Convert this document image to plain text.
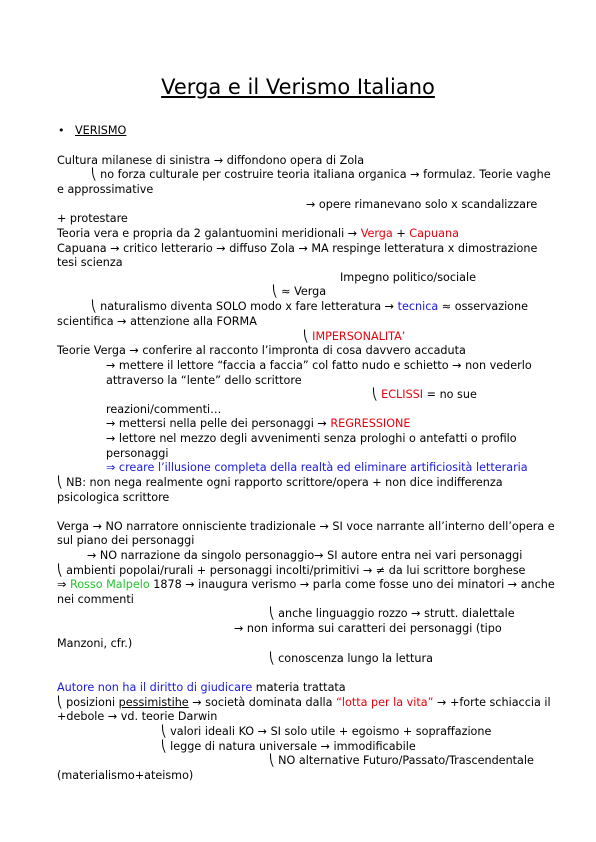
Verga e il Verismo Italiano
• VERISMO
Cultura milanese di sinistra → diffondono opera di Zola
⎝ no forza culturale per costruire teoria italiana organica → formulaz. Teorie vaghe
e approssimative
→ opere rimanevano solo x scandalizzare
+ protestare
Teoria vera e propria da 2 galantuomini meridionali → Verga + Capuana
Capuana → critico letterario → diffuso Zola → MA respinge letteratura x dimostrazione
tesi scienza
Impegno politico/sociale
⎝ ≈ Verga
⎝ naturalismo diventa SOLO modo x fare letteratura → tecnica ≈ osservazione
scientifica → attenzione alla FORMA
⎝ IMPERSONALITA’
Teorie Verga → conferire al racconto l’impronta di cosa davvero accaduta
→ mettere il lettore “faccia a faccia” col fatto nudo e schietto → non vederlo
attraverso la “lente” dello scrittore
⎝ ECLISSI = no sue
reazioni/commenti…
→ mettersi nella pelle dei personaggi → REGRESSIONE
→ lettore nel mezzo degli avvenimenti senza prologhi o antefatti o profilo
personaggi
⇒ creare l’illusione completa della realtà ed eliminare artificiosità letteraria
⎝ NB: non nega realmente ogni rapporto scrittore/opera + non dice indifferenza
psicologica scrittore
Verga → NO narratore onnisciente tradizionale → SI voce narrante all’interno dell’opera e
sul piano dei personaggi
→ NO narrazione da singolo personaggio→ SI autore entra nei vari personaggi
⎝ ambienti popolai/rurali + personaggi incolti/primitivi → ≠ da lui scrittore borghese
⇒ Rosso Malpelo 1878 → inaugura verismo → parla come fosse uno dei minatori → anche
nei commenti
⎝ anche linguaggio rozzo → strutt. dialettale
→ non informa sui caratteri dei personaggi (tipo
Manzoni, cfr.)
⎝ conoscenza lungo la lettura
Autore non ha il diritto di giudicare materia trattata
⎝ posizioni pessimistihe → società dominata dalla “lotta per la vita” → +forte schiaccia il
+debole → vd. teorie Darwin
⎝ valori ideali KO → SI solo utile + egoismo + sopraffazione
⎝ legge di natura universale → immodificabile
⎝ NO alternative Futuro/Passato/Trascendentale
(materialismo+ateismo)
